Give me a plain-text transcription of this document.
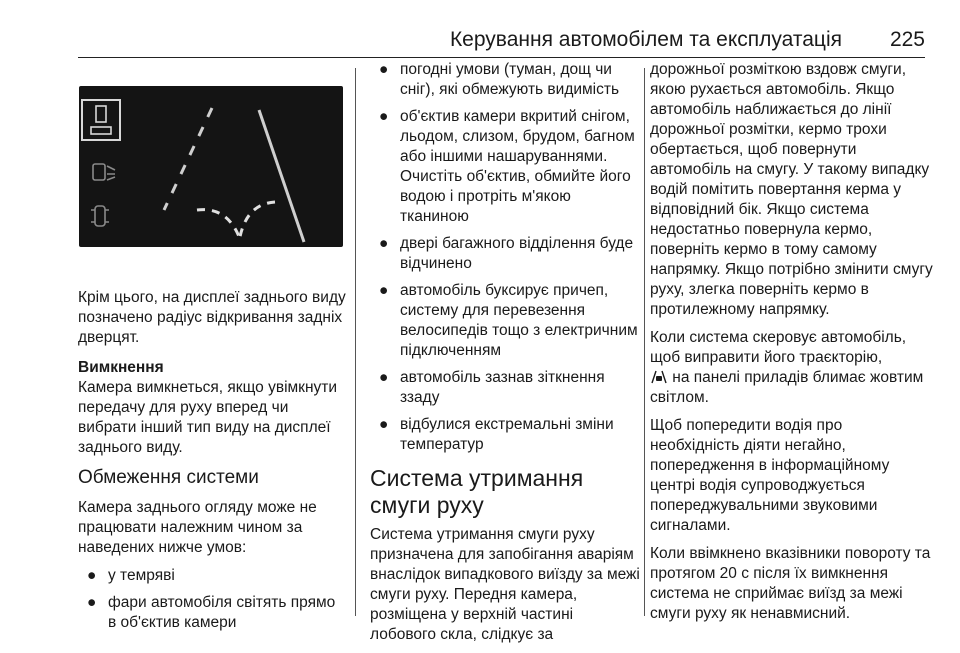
Керування автомобілем та експлуатація 225

Крім цього, на дисплеї заднього виду позначено радіус відкривання задніх дверцят.

Вимкнення

Камера вимкнеться, якщо увімкнути передачу для руху вперед чи вибрати інший тип виду на дисплеї заднього виду.

Обмеження системи

Камера заднього огляду може не працювати належним чином за наведених нижче умов:

● у темряві
● фари автомобіля світять прямо в об'єктив камери
● погодні умови (туман, дощ чи сніг), які обмежують видимість
● об'єктив камери вкритий снігом, льодом, слизом, брудом, багном або іншими нашаруваннями. Очистіть об'єктив, обмийте його водою і протріть м'якою тканиною
● двері багажного відділення буде відчинено
● автомобіль буксирує причеп, систему для перевезення велосипедів тощо з електричним підключенням
● автомобіль зазнав зіткнення ззаду
● відбулися екстремальні зміни температур
Система утримання смуги руху

Система утримання смуги руху призначена для запобігання аваріям внаслідок випадкового виїзду за межі смуги руху. Передня камера, розміщена у верхній частині лобового скла, слідкує за

дорожньої розміткою вздовж смуги, якою рухається автомобіль. Якщо автомобіль наближається до лінії дорожньої розмітки, кермо трохи обертається, щоб повернути автомобіль на смугу. У такому випадку водій помітить повертання керма у відповідний бік. Якщо система недостатньо повернула кермо, поверніть кермо в тому самому напрямку. Якщо потрібно змінити смугу руху, злегка поверніть кермо в протилежному напрямку.

Коли система скеровує автомобіль, щоб виправити його траєкторію,
на панелі приладів блимає жовтим світлом.

Щоб попередити водія про необхідність діяти негайно, попередження в інформаційному центрі водія супроводжується попереджувальними звуковими сигналами.

Коли ввімкнено вказівники повороту та протягом 20 с після їх вимкнення система не сприймає виїзд за межі смуги руху як ненавмисний.
